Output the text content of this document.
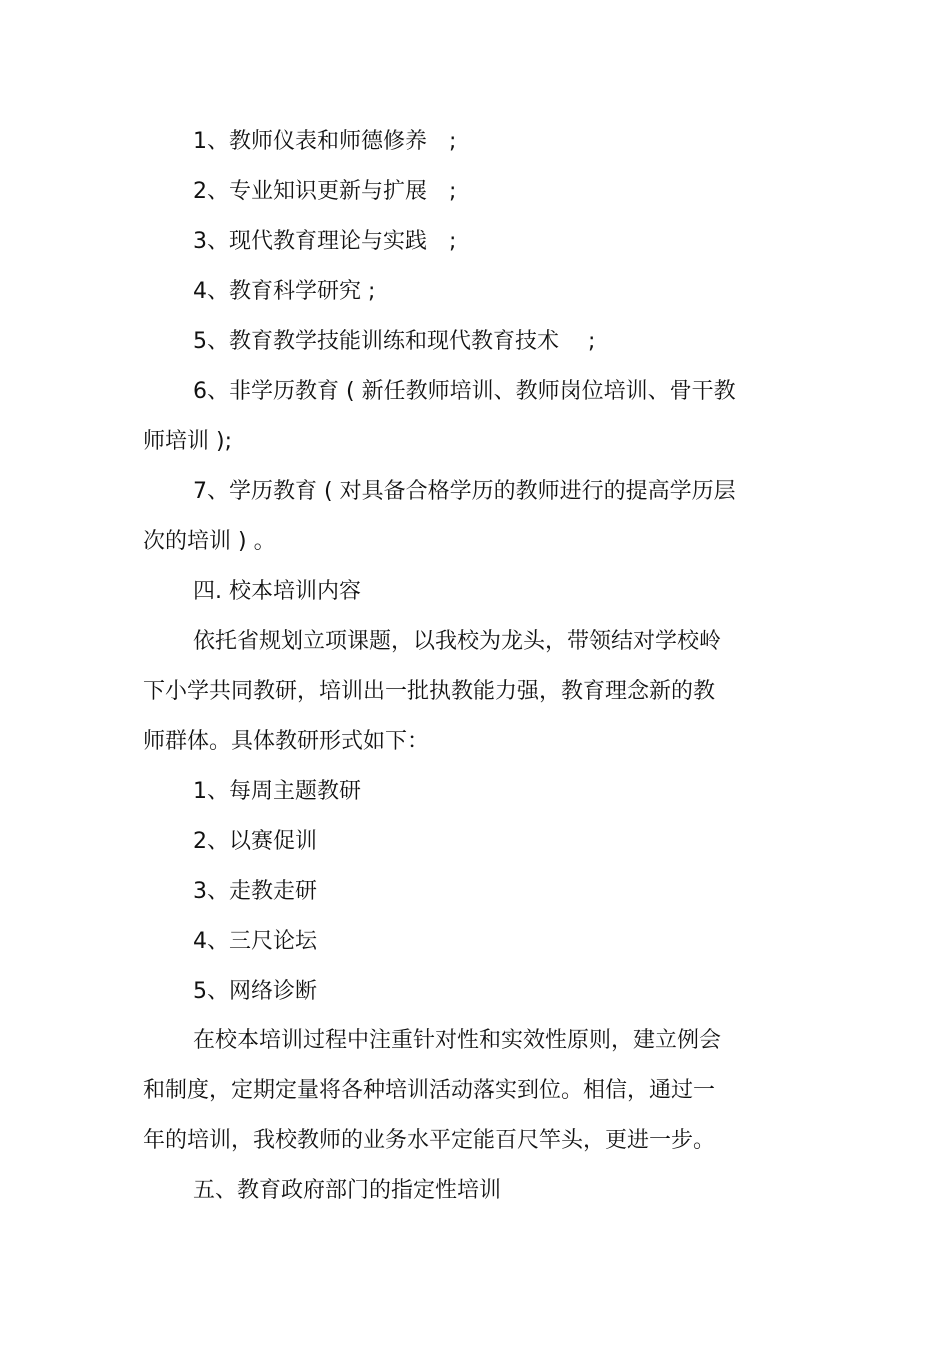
1、教师仪表和师德修养　;

2、专业知识更新与扩展　;

3、现代教育理论与实践　;

4、教育科学研究 ;

5、教育教学技能训练和现代教育技术　 ;

6、非学历教育 ( 新任教师培训、教师岗位培训、骨干教

师培训 );

7、学历教育 ( 对具备合格学历的教师进行的提高学历层

次的培训 ) 。

四. 校本培训内容

依托省规划立项课题，以我校为龙头，带领结对学校岭

下小学共同教研，培训出一批执教能力强，教育理念新的教

师群体。具体教研形式如下：

1、每周主题教研

2、以赛促训

3、走教走研

4、三尺论坛

5、网络诊断

在校本培训过程中注重针对性和实效性原则，建立例会

和制度，定期定量将各种培训活动落实到位。相信，通过一

年的培训，我校教师的业务水平定能百尺竿头，更进一步。

五、教育政府部门的指定性培训
